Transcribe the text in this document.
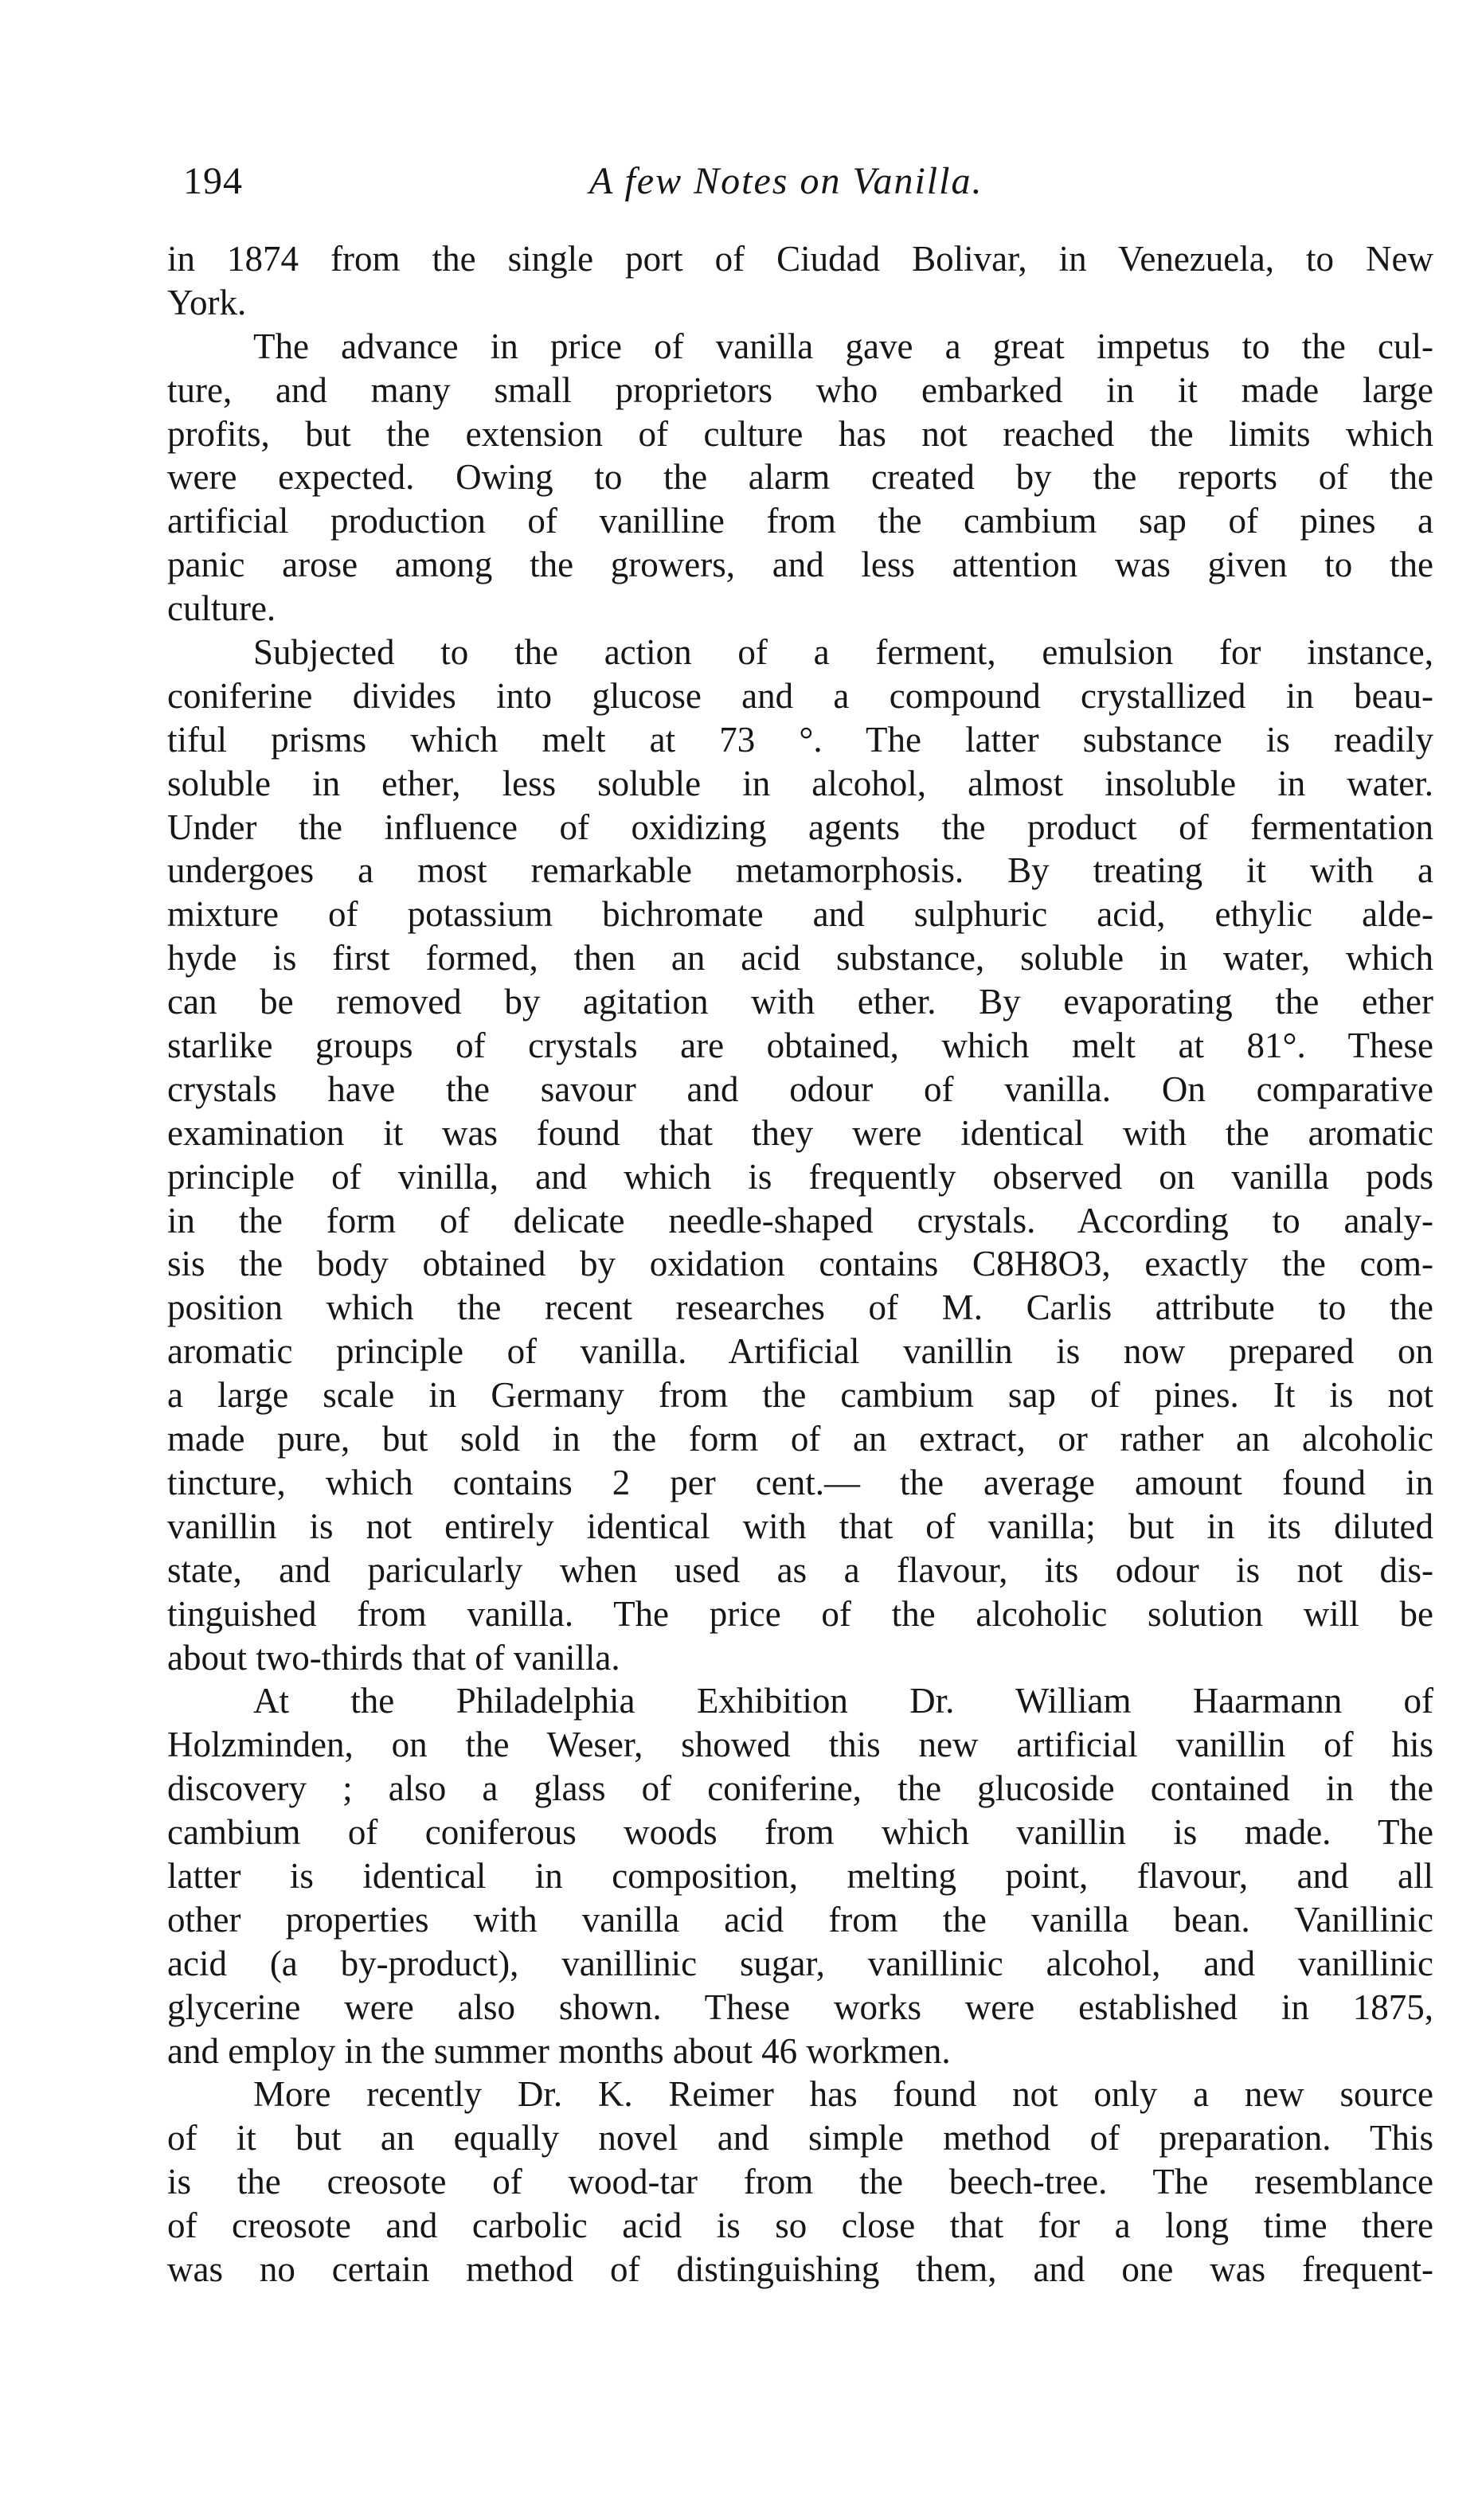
194	A few Notes on Vanilla.
in 1874 from the single port of Ciudad Bolivar, in Venezuela, to New
York.
The advance in price of vanilla gave a great impetus to the cul-
ture, and many small proprietors who embarked in it made large
profits, but the extension of culture has not reached the limits which
were expected. Owing to the alarm created by the reports of the
artificial production of vanilline from the cambium sap of pines a
panic arose among the growers, and less attention was given to the
culture.
Subjected to the action of a ferment, emulsion for instance,
coniferine divides into glucose and a compound crystallized in beau-
tiful prisms which melt at 73 °. The latter substance is readily
soluble in ether, less soluble in alcohol, almost insoluble in water.
Under the influence of oxidizing agents the product of fermentation
undergoes a most remarkable metamorphosis. By treating it with a
mixture of potassium bichromate and sulphuric acid, ethylic alde-
hyde is first formed, then an acid substance, soluble in water, which
can be removed by agitation with ether. By evaporating the ether
starlike groups of crystals are obtained, which melt at 81°. These
crystals have the savour and odour of vanilla. On comparative
examination it was found that they were identical with the aromatic
principle of vinilla, and which is frequently observed on vanilla pods
in the form of delicate needle-shaped crystals. According to analy-
sis the body obtained by oxidation contains C8H8O3, exactly the com-
position which the recent researches of M. Carlis attribute to the
aromatic principle of vanilla. Artificial vanillin is now prepared on
a large scale in Germany from the cambium sap of pines. It is not
made pure, but sold in the form of an extract, or rather an alcoholic
tincture, which contains 2 per cent.— the average amount found in
vanillin is not entirely identical with that of vanilla; but in its diluted
state, and paricularly when used as a flavour, its odour is not dis-
tinguished from vanilla. The price of the alcoholic solution will be
about two-thirds that of vanilla.
At the Philadelphia Exhibition Dr. William Haarmann of
Holzminden, on the Weser, showed this new artificial vanillin of his
discovery ; also a glass of coniferine, the glucoside contained in the
cambium of coniferous woods from which vanillin is made. The
latter is identical in composition, melting point, flavour, and all
other properties with vanilla acid from the vanilla bean. Vanillinic
acid (a by-product), vanillinic sugar, vanillinic alcohol, and vanillinic
glycerine were also shown. These works were established in 1875,
and employ in the summer months about 46 workmen.
More recently Dr. K. Reimer has found not only a new source
of it but an equally novel and simple method of preparation. This
is the creosote of wood-tar from the beech-tree. The resemblance
of creosote and carbolic acid is so close that for a long time there
was no certain method of distinguishing them, and one was frequent-
